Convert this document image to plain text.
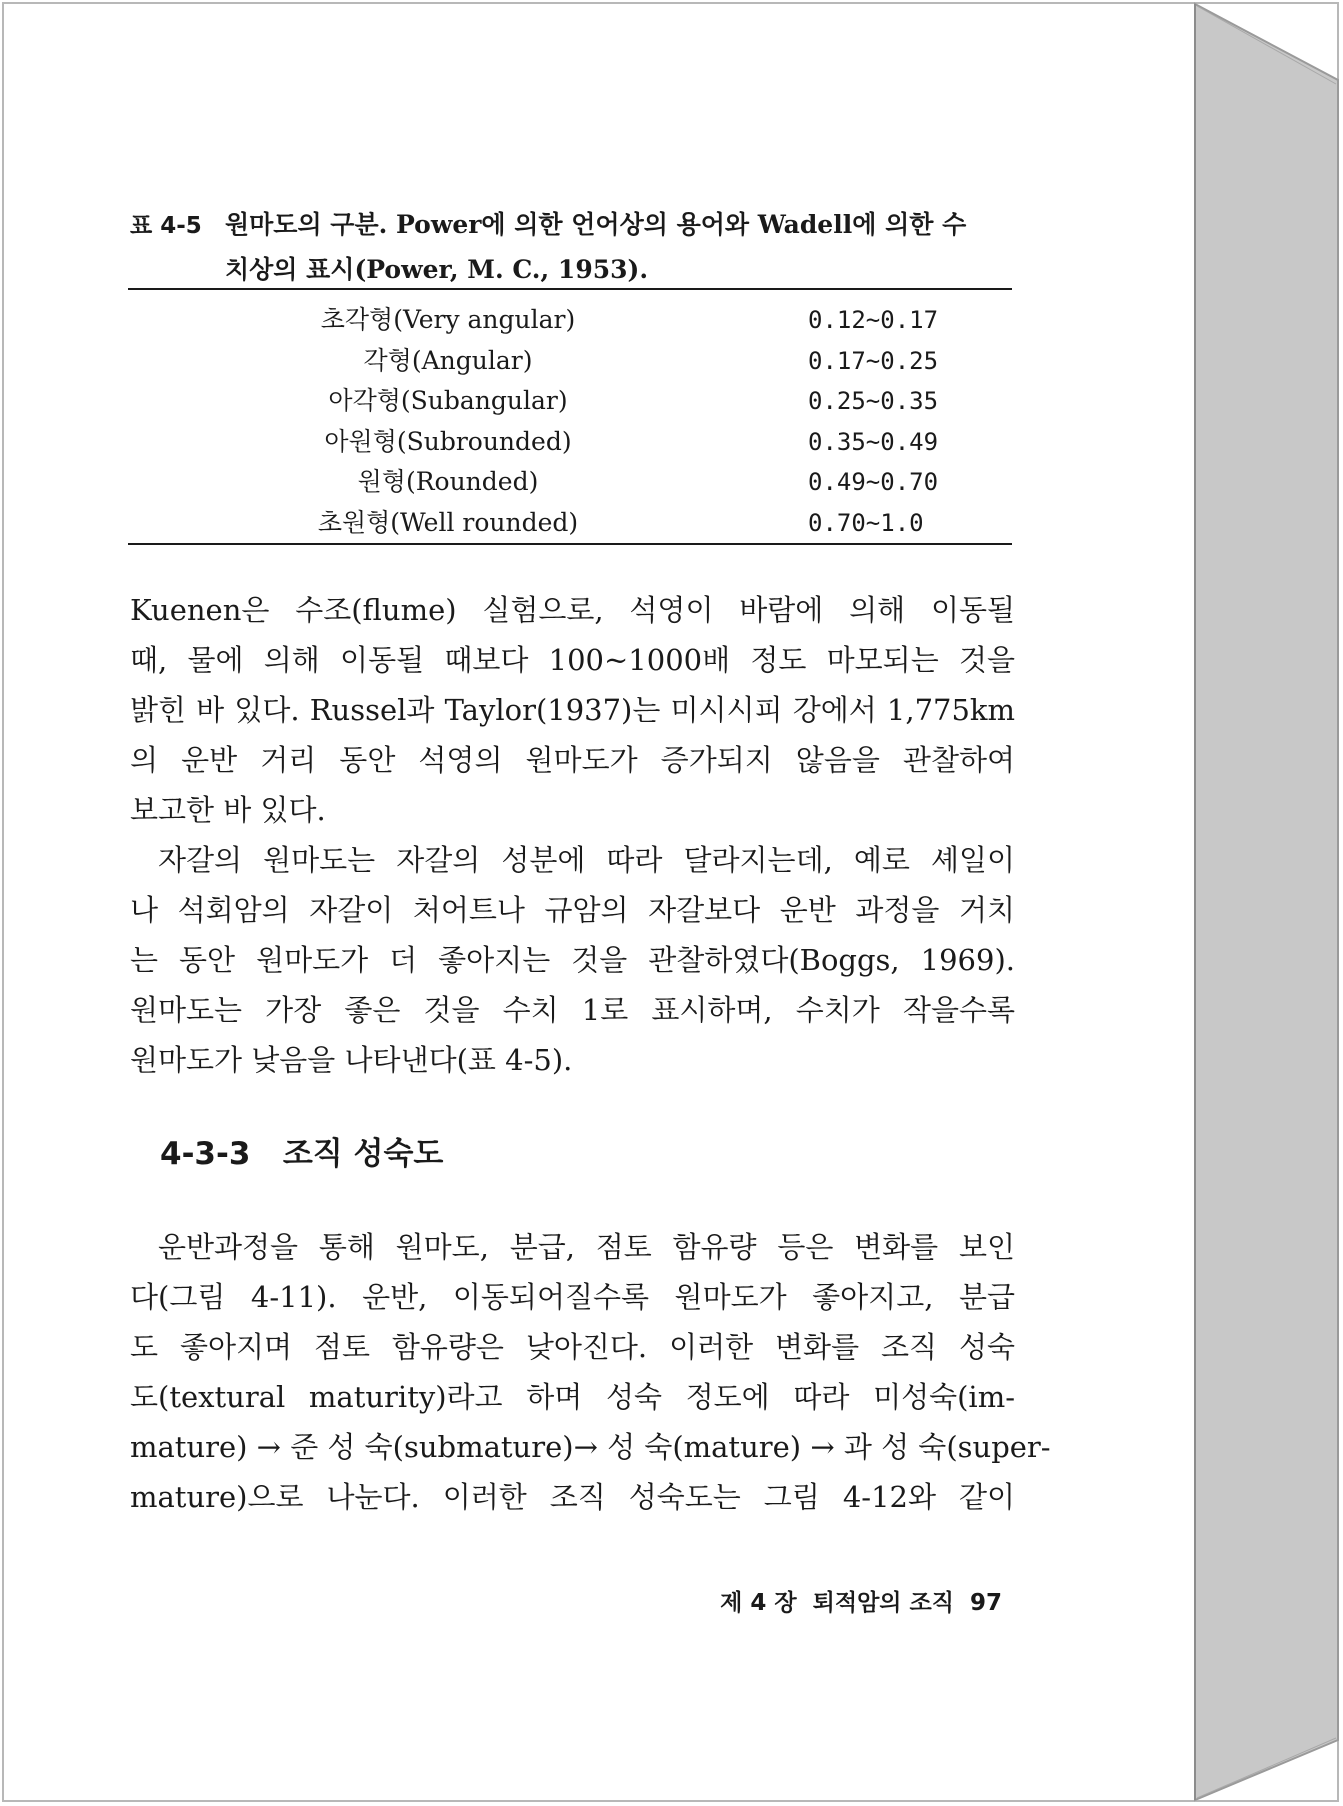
표 4-5 원마도의 구분. Power에 의한 언어상의 용어와 Wadell에 의한 수
치상의 표시(Power, M. C., 1953).
초각형(Very angular)	0.12~0.17
각형(Angular)	0.17~0.25
아각형(Subangular)	0.25~0.35
아원형(Subrounded)	0.35~0.49
원형(Rounded)	0.49~0.70
초원형(Well rounded)	0.70~1.0
Kuenen은 수조(flume) 실험으로, 석영이 바람에 의해 이동될
때, 물에 의해 이동될 때보다 100~1000배 정도 마모되는 것을
밝힌 바 있다. Russel과 Taylor(1937)는 미시시피 강에서 1,775km
의 운반 거리 동안 석영의 원마도가 증가되지 않음을 관찰하여
보고한 바 있다.
자갈의 원마도는 자갈의 성분에 따라 달라지는데, 예로 셰일이
나 석회암의 자갈이 처어트나 규암의 자갈보다 운반 과정을 거치
는 동안 원마도가 더 좋아지는 것을 관찰하였다(Boggs, 1969).
원마도는 가장 좋은 것을 수치 1로 표시하며, 수치가 작을수록
원마도가 낮음을 나타낸다(표 4-5).
4-3-3 조직 성숙도
운반과정을 통해 원마도, 분급, 점토 함유량 등은 변화를 보인
다(그림 4-11). 운반, 이동되어질수록 원마도가 좋아지고, 분급
도 좋아지며 점토 함유량은 낮아진다. 이러한 변화를 조직 성숙
도(textural maturity)라고 하며 성숙 정도에 따라 미성숙(im-
mature) → 준 성 숙(submature)→ 성 숙(mature) → 과 성 숙(super-
mature)으로 나눈다. 이러한 조직 성숙도는 그림 4-12와 같이
제 4 장 퇴적암의 조직 97
